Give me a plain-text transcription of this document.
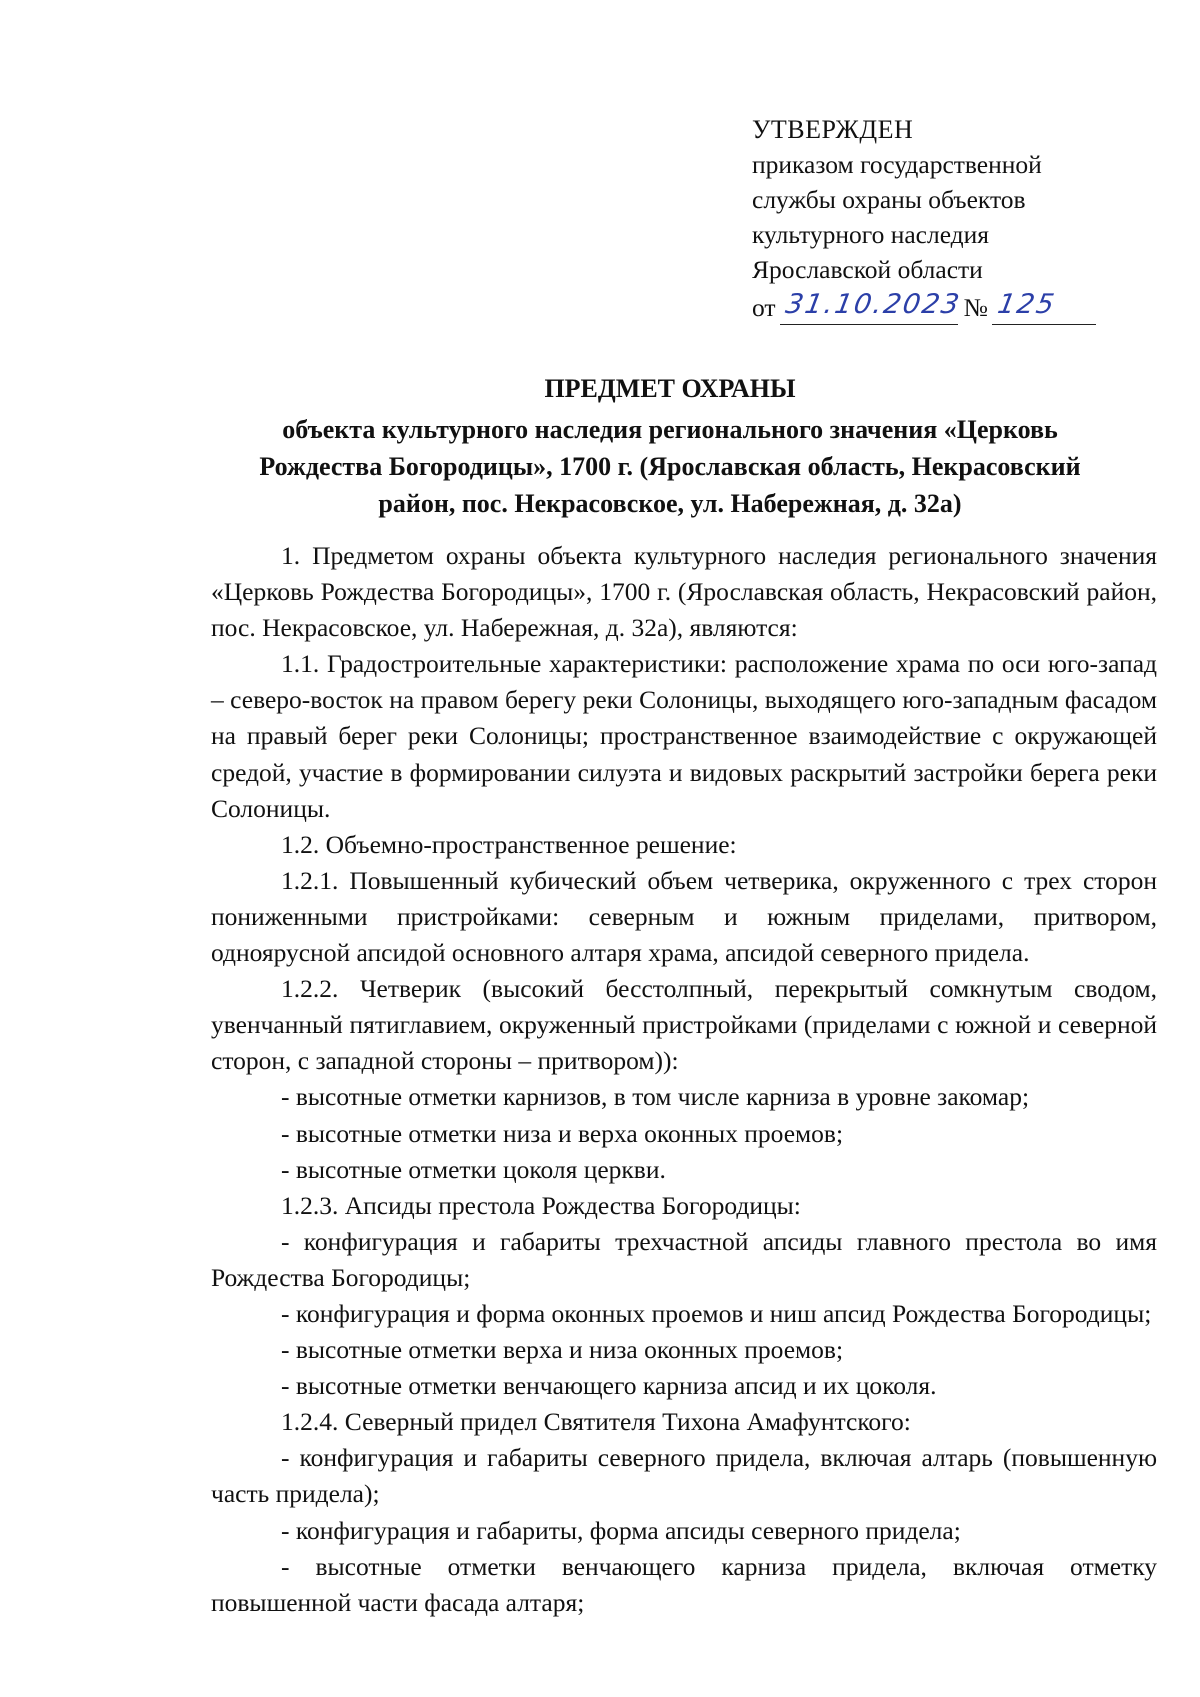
УТВЕРЖДЕН
приказом государственной
службы охраны объектов
культурного наследия
Ярославской области
от 31.10.2023 № 125
ПРЕДМЕТ ОХРАНЫ
объекта культурного наследия регионального значения «Церковь
Рождества Богородицы», 1700 г. (Ярославская область, Некрасовский
район, пос. Некрасовское, ул. Набережная, д. 32а)

1. Предметом охраны объекта культурного наследия регионального значения «Церковь Рождества Богородицы», 1700 г. (Ярославская область, Некрасовский район, пос. Некрасовское, ул. Набережная, д. 32а), являются:

1.1. Градостроительные характеристики: расположение храма по оси юго-запад – северо-восток на правом берегу реки Солоницы, выходящего юго-западным фасадом на правый берег реки Солоницы; пространственное взаимодействие с окружающей средой, участие в формировании силуэта и видовых раскрытий застройки берега реки Солоницы.

1.2. Объемно-пространственное решение:

1.2.1. Повышенный кубический объем четверика, окруженного с трех сторон пониженными пристройками: северным и южным приделами, притвором, одноярусной апсидой основного алтаря храма, апсидой северного придела.

1.2.2. Четверик (высокий бесстолпный, перекрытый сомкнутым сводом, увенчанный пятиглавием, окруженный пристройками (приделами с южной и северной сторон, с западной стороны – притвором)):

- высотные отметки карнизов, в том числе карниза в уровне закомар;

- высотные отметки низа и верха оконных проемов;

- высотные отметки цоколя церкви.

1.2.3. Апсиды престола Рождества Богородицы:

- конфигурация и габариты трехчастной апсиды главного престола во имя Рождества Богородицы;

- конфигурация и форма оконных проемов и ниш апсид Рождества Богородицы;

- высотные отметки верха и низа оконных проемов;

- высотные отметки венчающего карниза апсид и их цоколя.

1.2.4. Северный придел Святителя Тихона Амафунтского:

- конфигурация и габариты северного придела, включая алтарь (повышенную часть придела);

- конфигурация и габариты, форма апсиды северного придела;

- высотные отметки венчающего карниза придела, включая отметку повышенной части фасада алтаря;
